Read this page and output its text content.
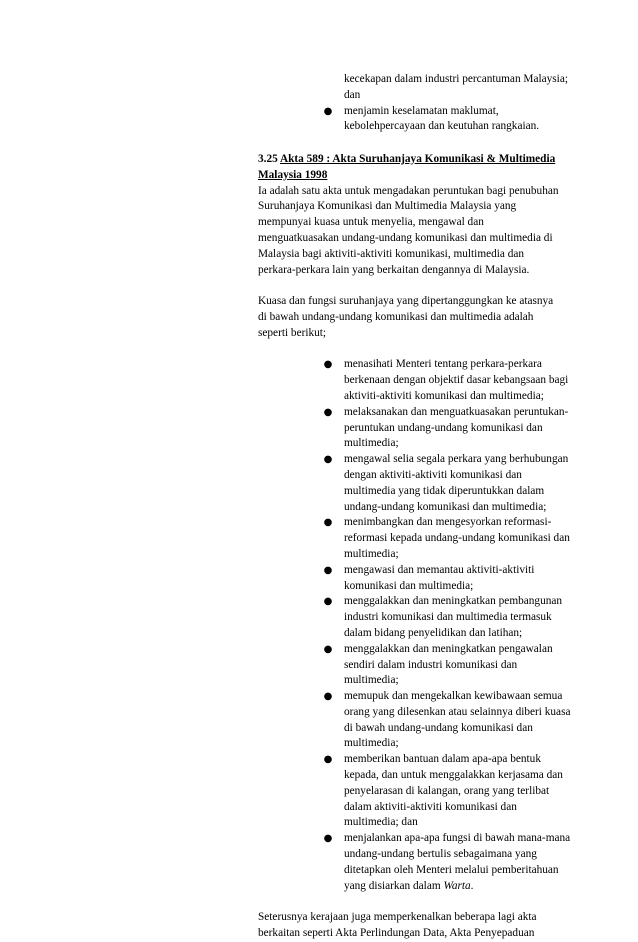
kecekapan dalam industri percantuman Malaysia; dan
● menjamin keselamatan maklumat, kebolehpercayaan dan keutuhan rangkaian.

3.25 Akta 589 : Akta Suruhanjaya Komunikasi & Multimedia Malaysia 1998

Ia adalah satu akta untuk mengadakan peruntukan bagi penubuhan Suruhanjaya Komunikasi dan Multimedia Malaysia yang mempunyai kuasa untuk menyelia, mengawal dan menguatkuasakan undang-undang komunikasi dan multimedia di Malaysia bagi aktiviti-aktiviti komunikasi, multimedia dan perkara-perkara lain yang berkaitan dengannya di Malaysia.

Kuasa dan fungsi suruhanjaya yang dipertanggungkan ke atasnya di bawah undang-undang komunikasi dan multimedia adalah seperti berikut;

● menasihati Menteri tentang perkara-perkara berkenaan dengan objektif dasar kebangsaan bagi aktiviti-aktiviti komunikasi dan multimedia;
● melaksanakan dan menguatkuasakan peruntukan-peruntukan undang-undang komunikasi dan multimedia;
● mengawal selia segala perkara yang berhubungan dengan aktiviti-aktiviti komunikasi dan multimedia yang tidak diperuntukkan dalam undang-undang komunikasi dan multimedia;
● menimbangkan dan mengesyorkan reformasi-reformasi kepada undang-undang komunikasi dan multimedia;
● mengawasi dan memantau aktiviti-aktiviti komunikasi dan multimedia;
● menggalakkan dan meningkatkan pembangunan industri komunikasi dan multimedia termasuk dalam bidang penyelidikan dan latihan;
● menggalakkan dan meningkatkan pengawalan sendiri dalam industri komunikasi dan multimedia;
● memupuk dan mengekalkan kewibawaan semua orang yang dilesenkan atau selainnya diberi kuasa di bawah undang-undang komunikasi dan multimedia;
● memberikan bantuan dalam apa-apa bentuk kepada, dan untuk menggalakkan kerjasama dan penyelarasan di kalangan, orang yang terlibat dalam aktiviti-aktiviti komunikasi dan multimedia; dan
● menjalankan apa-apa fungsi di bawah mana-mana undang-undang bertulis sebagaimana yang ditetapkan oleh Menteri melalui pemberitahuan yang disiarkan dalam Warta.

Seterusnya kerajaan juga memperkenalkan beberapa lagi akta berkaitan seperti Akta Perlindungan Data, Akta Penyepaduan
